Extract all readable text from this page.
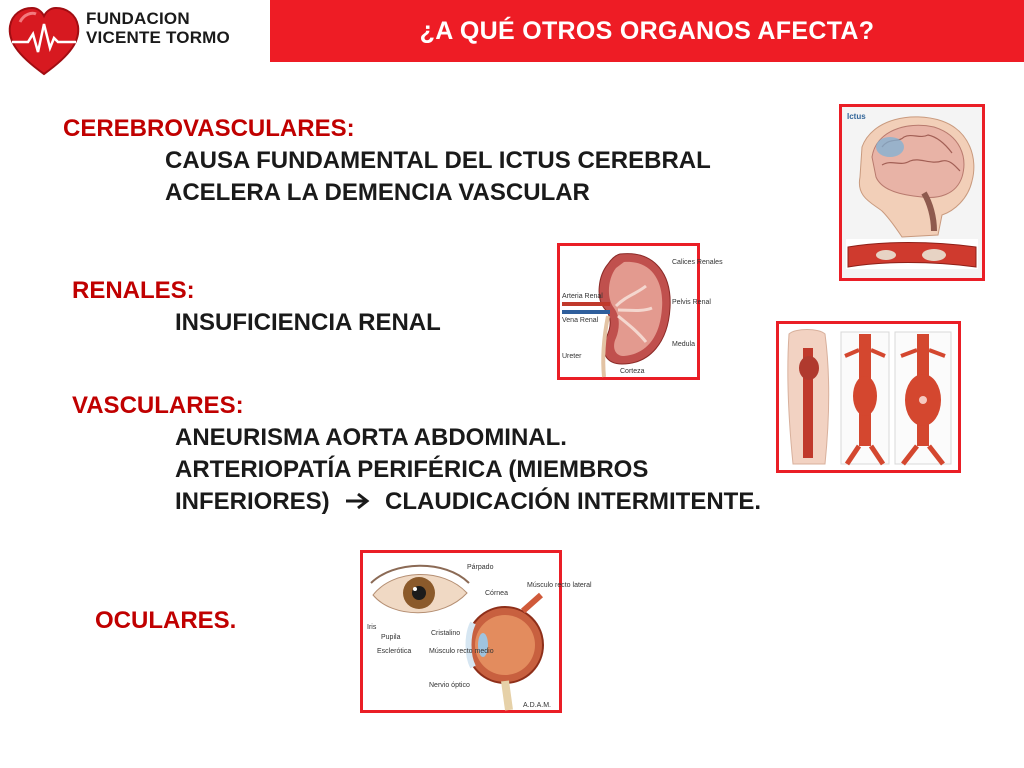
FUNDACION
VICENTE TORMO	¿A QUÉ OTROS ORGANOS AFECTA?
CEREBROVASCULARES:
CAUSA FUNDAMENTAL DEL ICTUS CEREBRAL
ACELERA LA DEMENCIA VASCULAR
RENALES:
INSUFICIENCIA RENAL
VASCULARES:
ANEURISMA AORTA ABDOMINAL.
ARTERIOPATÍA PERIFÉRICA (MIEMBROS
INFERIORES) CLAUDICACIÓN INTERMITENTE.
OCULARES.
Ictus
Calices Renales
Arteria Renal
Vena Renal
Pelvis Renal
Medula
Ureter
Corteza
Párpado
Córnea
Músculo recto lateral
Iris
Pupila
Cristalino
Esclerótica	Músculo recto medio
Nervio óptico
A.D.A.M.
